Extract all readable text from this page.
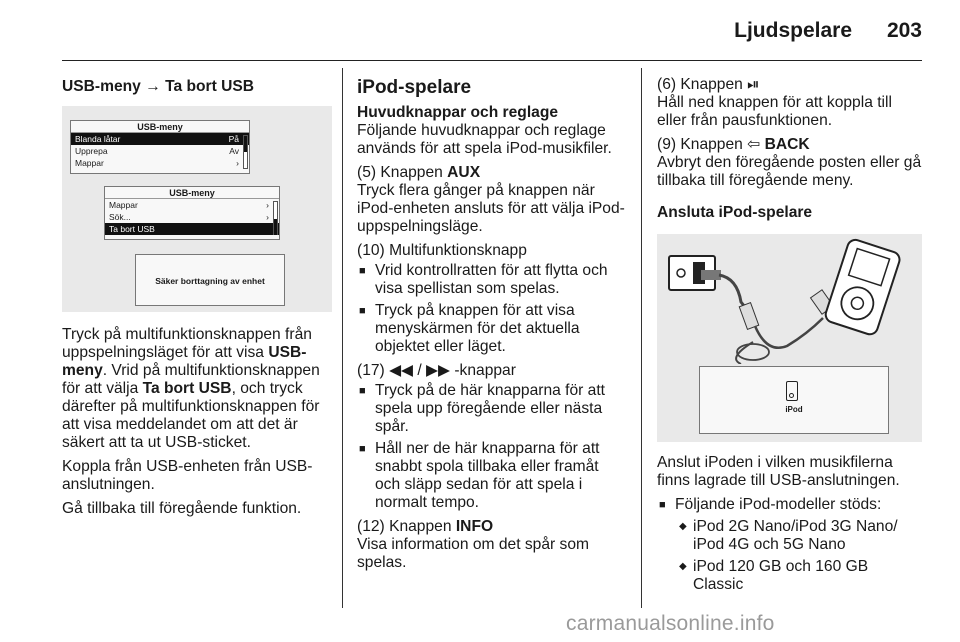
Ljudspelare 203
USB-meny → Ta bort USB
USB-meny
Blanda låtar	På
Upprepa	Av
Mappar	›
USB-meny
Mappar	›
Sök...	›
Ta bort USB
Säker borttagning av enhet

Tryck på multifunktionsknappen från uppspelningsläget för att visa USB-meny. Vrid på multifunktionsknappen för att välja Ta bort USB, och tryck därefter på multifunktionsknappen för att visa meddelandet om att det är säkert att ta ut USB-sticket.

Koppla från USB-enheten från USB-anslutningen.

Gå tillbaka till föregående funktion.

iPod-spelare
Huvudknappar och reglage

Följande huvudknappar och reglage används för att spela iPod-musikfiler.

(5) Knappen AUX

Tryck flera gånger på knappen när iPod-enheten ansluts för att välja iPod-uppspelningsläge.

(10) Multifunktionsknapp

■ Vrid kontrollratten för att flytta och visa spellistan som spelas.

■ Tryck på knappen för att visa menyskärmen för det aktuella objektet eller läget.

(17) ◀◀ / ▶▶ -knappar

■ Tryck på de här knapparna för att spela upp föregående eller nästa spår.

■ Håll ner de här knapparna för att snabbt spola tillbaka eller framåt och släpp sedan för att spela i normalt tempo.

(12) Knappen INFO

Visa information om det spår som spelas.

(6) Knappen ⏯

Håll ned knappen för att koppla till eller från pausfunktionen.

(9) Knappen ⇦ BACK

Avbryt den föregående posten eller gå tillbaka till föregående meny.

Ansluta iPod-spelare
iPod

Anslut iPoden i vilken musikfilerna finns lagrade till USB-anslutningen.

■ Följande iPod-modeller stöds:

◆ iPod 2G Nano/iPod 3G Nano/ iPod 4G och 5G Nano

◆ iPod 120 GB och 160 GB Classic

carmanualsonline.info
